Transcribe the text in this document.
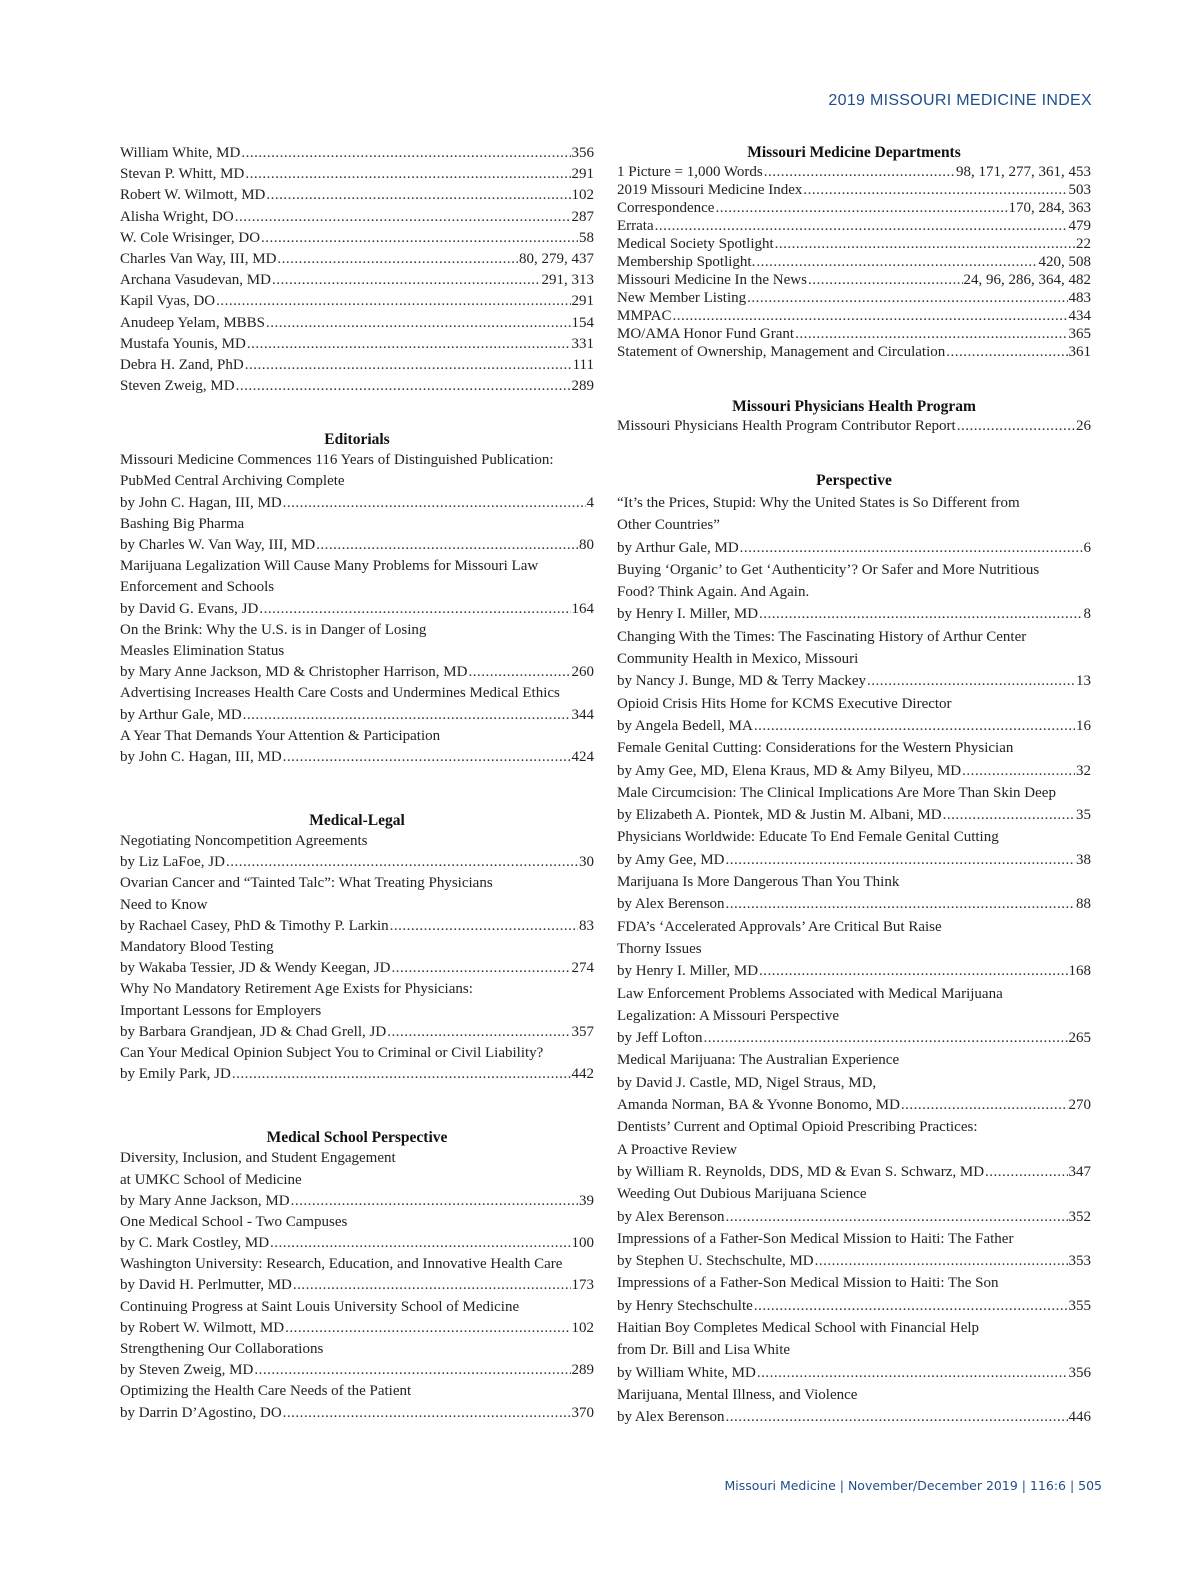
2019 MISSOURI MEDICINE INDEX
William White, MD .....	356
Stevan P. Whitt, MD .....	291
Robert W. Wilmott, MD .....	102
Alisha Wright, DO .....	287
W. Cole Wrisinger, DO .....	58
Charles Van Way, III, MD .....	80, 279, 437
Archana Vasudevan, MD .....	291, 313
Kapil Vyas, DO .....	291
Anudeep Yelam, MBBS .....	154
Mustafa Younis, MD .....	331
Debra H. Zand, PhD .....	111
Steven Zweig, MD .....	289
Editorials
Missouri Medicine Commences 116 Years of Distinguished Publication:
PubMed Central Archiving Complete
by John C. Hagan, III, MD .....	4
Bashing Big Pharma
by Charles W. Van Way, III, MD .....	80
Marijuana Legalization Will Cause Many Problems for Missouri Law
Enforcement and Schools
by David G. Evans, JD .....	164
On the Brink: Why the U.S. is in Danger of Losing
Measles Elimination Status
by Mary Anne Jackson, MD & Christopher Harrison, MD .....	260
Advertising Increases Health Care Costs and Undermines Medical Ethics
by Arthur Gale, MD .....	344
A Year That Demands Your Attention & Participation
by John C. Hagan, III, MD .....	424
Medical-Legal
Negotiating Noncompetition Agreements
by Liz LaFoe, JD .....	30
Ovarian Cancer and “Tainted Talc”: What Treating Physicians
Need to Know
by Rachael Casey, PhD & Timothy P. Larkin .....	83
Mandatory Blood Testing
by Wakaba Tessier, JD & Wendy Keegan, JD .....	274
Why No Mandatory Retirement Age Exists for Physicians:
Important Lessons for Employers
by Barbara Grandjean, JD & Chad Grell, JD .....	357
Can Your Medical Opinion Subject You to Criminal or Civil Liability?
by Emily Park, JD .....	442
Medical School Perspective
Diversity, Inclusion, and Student Engagement
at UMKC School of Medicine
by Mary Anne Jackson, MD .....	39
One Medical School - Two Campuses
by C. Mark Costley, MD .....	100
Washington University: Research, Education, and Innovative Health Care
by David H. Perlmutter, MD .....	173
Continuing Progress at Saint Louis University School of Medicine
by Robert W. Wilmott, MD .....	102
Strengthening Our Collaborations
by Steven Zweig, MD .....	289
Optimizing the Health Care Needs of the Patient
by Darrin D’Agostino, DO .....	370
Missouri Medicine Departments
1 Picture = 1,000 Words .....	98, 171, 277, 361, 453
2019 Missouri Medicine Index .....	503
Correspondence .....	170, 284, 363
Errata .....	479
Medical Society Spotlight .....	22
Membership Spotlight. .....	420, 508
Missouri Medicine In the News .....	24, 96, 286, 364, 482
New Member Listing .....	483
MMPAC .....	434
MO/AMA Honor Fund Grant .....	365
Statement of Ownership, Management and Circulation .....	361
Missouri Physicians Health Program
Missouri Physicians Health Program Contributor Report .....	26
Perspective
“It’s the Prices, Stupid: Why the United States is So Different from
Other Countries”
by Arthur Gale, MD .....	6
Buying ‘Organic’ to Get ‘Authenticity’? Or Safer and More Nutritious
Food? Think Again. And Again.
by Henry I. Miller, MD .....	8
Changing With the Times: The Fascinating History of Arthur Center
Community Health in Mexico, Missouri
by Nancy J. Bunge, MD & Terry Mackey .....	13
Opioid Crisis Hits Home for KCMS Executive Director
by Angela Bedell, MA .....	16
Female Genital Cutting: Considerations for the Western Physician
by Amy Gee, MD, Elena Kraus, MD & Amy Bilyeu, MD .....	32
Male Circumcision: The Clinical Implications Are More Than Skin Deep
by Elizabeth A. Piontek, MD & Justin M. Albani, MD .....	35
Physicians Worldwide: Educate To End Female Genital Cutting
by Amy Gee, MD .....	38
Marijuana Is More Dangerous Than You Think
by Alex Berenson .....	88
FDA’s ‘Accelerated Approvals’ Are Critical But Raise
Thorny Issues
by Henry I. Miller, MD .....	168
Law Enforcement Problems Associated with Medical Marijuana
Legalization: A Missouri Perspective
by Jeff Lofton .....	265
Medical Marijuana: The Australian Experience
by David J. Castle, MD, Nigel Straus, MD,
Amanda Norman, BA & Yvonne Bonomo, MD .....	270
Dentists’ Current and Optimal Opioid Prescribing Practices:
A Proactive Review
by William R. Reynolds, DDS, MD & Evan S. Schwarz, MD .....	347
Weeding Out Dubious Marijuana Science
by Alex Berenson .....	352
Impressions of a Father-Son Medical Mission to Haiti: The Father
by Stephen U. Stechschulte, MD .....	353
Impressions of a Father-Son Medical Mission to Haiti: The Son
by Henry Stechschulte .....	355
Haitian Boy Completes Medical School with Financial Help
from Dr. Bill and Lisa White
by William White, MD .....	356
Marijuana, Mental Illness, and Violence
by Alex Berenson .....	446
Missouri Medicine | November/December 2019 | 116:6 | 505
